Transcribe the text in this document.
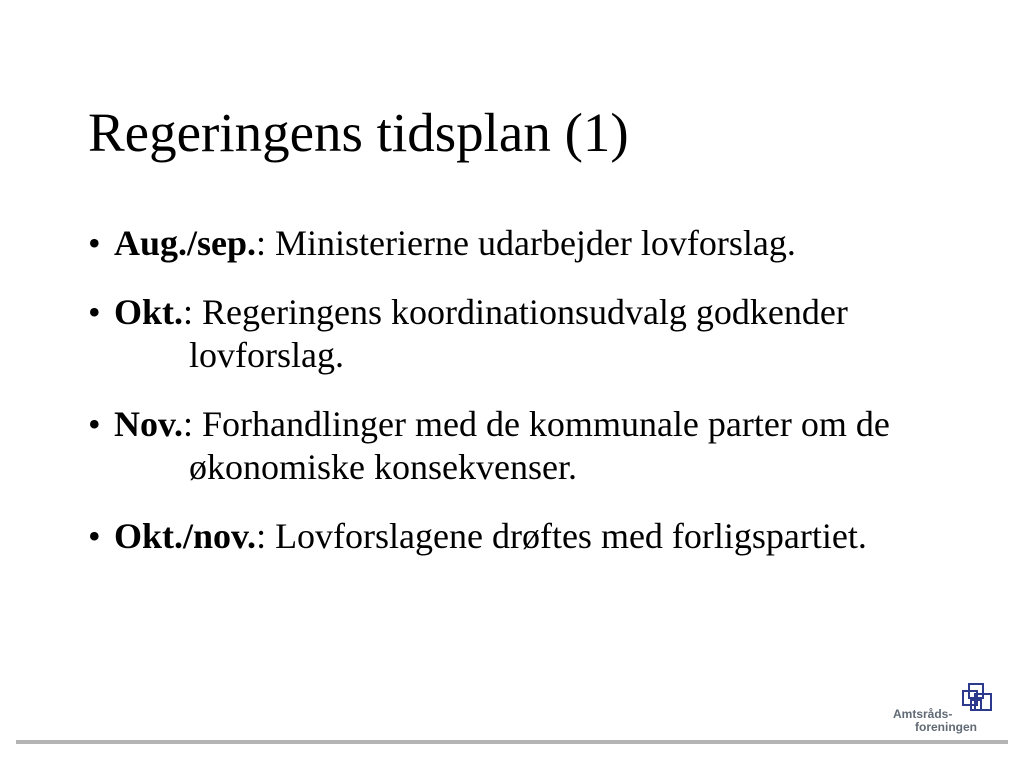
Regeringens tidsplan (1)
• Aug./sep.: Ministerierne udarbejder lovforslag.
• Okt.: Regeringens koordinationsudvalg godkender lovforslag.
• Nov.: Forhandlinger med de kommunale parter om de økonomiske konsekvenser.
• Okt./nov.: Lovforslagene drøftes med forligspartiet.
Amtsråds-
foreningen
